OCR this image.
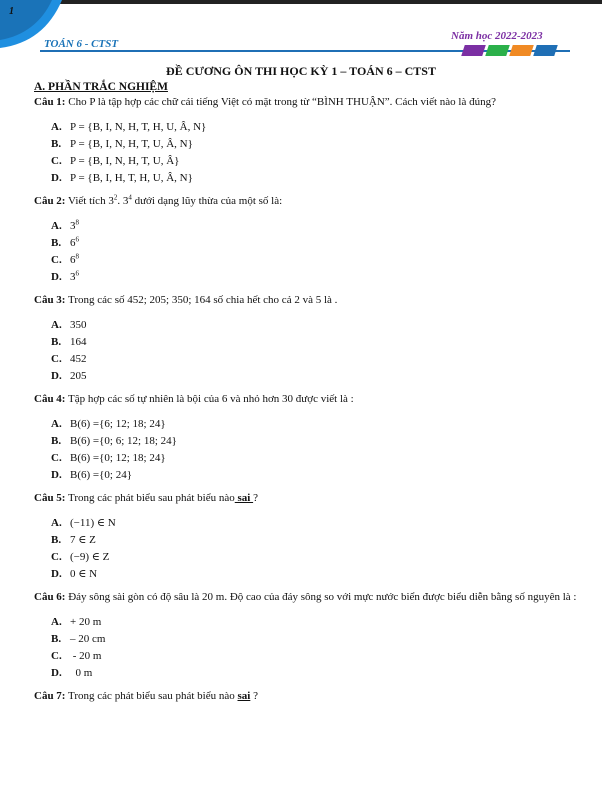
1
TOÁN 6 - CTST
Năm học 2022-2023
ĐỀ CƯƠNG ÔN THI HỌC KỲ 1 – TOÁN 6 – CTST
A. PHẦN TRẮC NGHIỆM

Câu 1: Cho P là tập hợp các chữ cái tiếng Việt có mặt trong từ “BÌNH THUẬN”. Cách viết nào là đúng?

A. P = {B, I, N, H, T, H, U, Â, N}
B. P = {B, I, N, H, T, U, Â, N}
C. P = {B, I, N, H, T, U, Â}
D. P = {B, I, H, T, H, U, Â, N}

Câu 2: Viết tích $3^2$. $3^4$ dưới dạng lũy thừa của một số là:

A. $3^8$
B. $6^6$
C. $6^8$
D. $3^6$

Câu 3: Trong các số 452; 205; 350; 164 số chia hết cho cả 2 và 5 là .

A. 350
B. 164
C. 452
D. 205

Câu 4: Tập hợp các số tự nhiên là bội của 6 và nhỏ hơn 30 được viết là :

A. B(6) ={6; 12; 18; 24}
B. B(6) ={0; 6; 12; 18; 24}
C. B(6) ={0; 12; 18; 24}
D. B(6) ={0; 24}

Câu 5: Trong các phát biểu sau phát biểu nào sai ?

A. (−11) ∈ N
B. 7 ∈ Z
C. (−9) ∈ Z
D. 0 ∈ N

Câu 6: Đáy sông sài gòn có độ sâu là 20 m. Độ cao của đáy sông so với mực nước biển được biểu diễn bằng số nguyên là :

A. + 20 m
B. – 20 cm
C. - 20 m
D.  0 m

Câu 7: Trong các phát biểu sau phát biểu nào sai ?
